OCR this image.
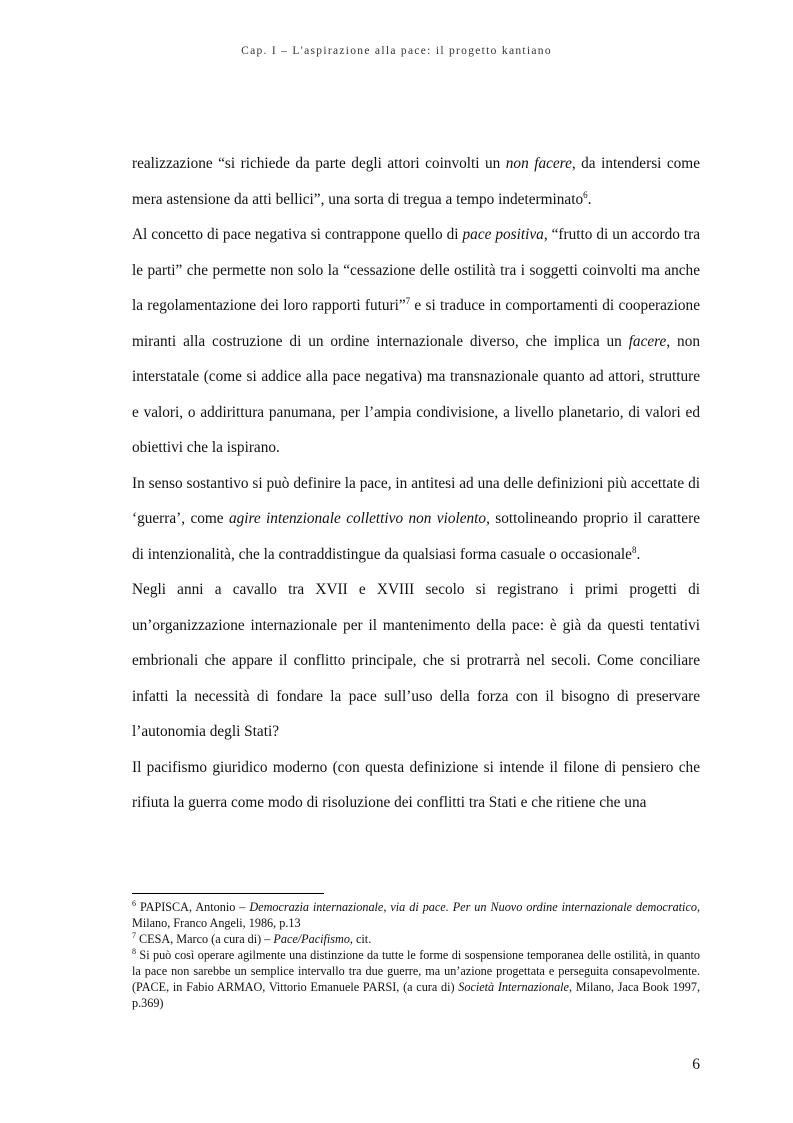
Cap. I – L'aspirazione alla pace: il progetto kantiano

realizzazione “si richiede da parte degli attori coinvolti un non facere, da intendersi come mera astensione da atti bellici”, una sorta di tregua a tempo indeterminato$^6$.

Al concetto di pace negativa si contrappone quello di pace positiva, “frutto di un accordo tra le parti” che permette non solo la “cessazione delle ostilità tra i soggetti coinvolti ma anche la regolamentazione dei loro rapporti futuri”$^7$ e si traduce in comportamenti di cooperazione miranti alla costruzione di un ordine internazionale diverso, che implica un facere, non interstatale (come si addice alla pace negativa) ma transnazionale quanto ad attori, strutture e valori, o addirittura panumana, per l’ampia condivisione, a livello planetario, di valori ed obiettivi che la ispirano.

In senso sostantivo si può definire la pace, in antitesi ad una delle definizioni più accettate di ‘guerra’, come agire intenzionale collettivo non violento, sottolineando proprio il carattere di intenzionalità, che la contraddistingue da qualsiasi forma casuale o occasionale$^8$.

Negli anni a cavallo tra XVII e XVIII secolo si registrano i primi progetti di un’organizzazione internazionale per il mantenimento della pace: è già da questi tentativi embrionali che appare il conflitto principale, che si protrarrà nel secoli. Come conciliare infatti la necessità di fondare la pace sull’uso della forza con il bisogno di preservare l’autonomia degli Stati?

Il pacifismo giuridico moderno (con questa definizione si intende il filone di pensiero che rifiuta la guerra come modo di risoluzione dei conflitti tra Stati e che ritiene che una

$^6$ PAPISCA, Antonio – Democrazia internazionale, via di pace. Per un Nuovo ordine internazionale democratico, Milano, Franco Angeli, 1986, p.13

$^7$ CESA, Marco (a cura di) – Pace/Pacifismo, cit.

$^8$ Si può così operare agilmente una distinzione da tutte le forme di sospensione temporanea delle ostilità, in quanto la pace non sarebbe un semplice intervallo tra due guerre, ma un’azione progettata e perseguita consapevolmente. (PACE, in Fabio ARMAO, Vittorio Emanuele PARSI, (a cura di) Società Internazionale, Milano, Jaca Book 1997, p.369)

6
